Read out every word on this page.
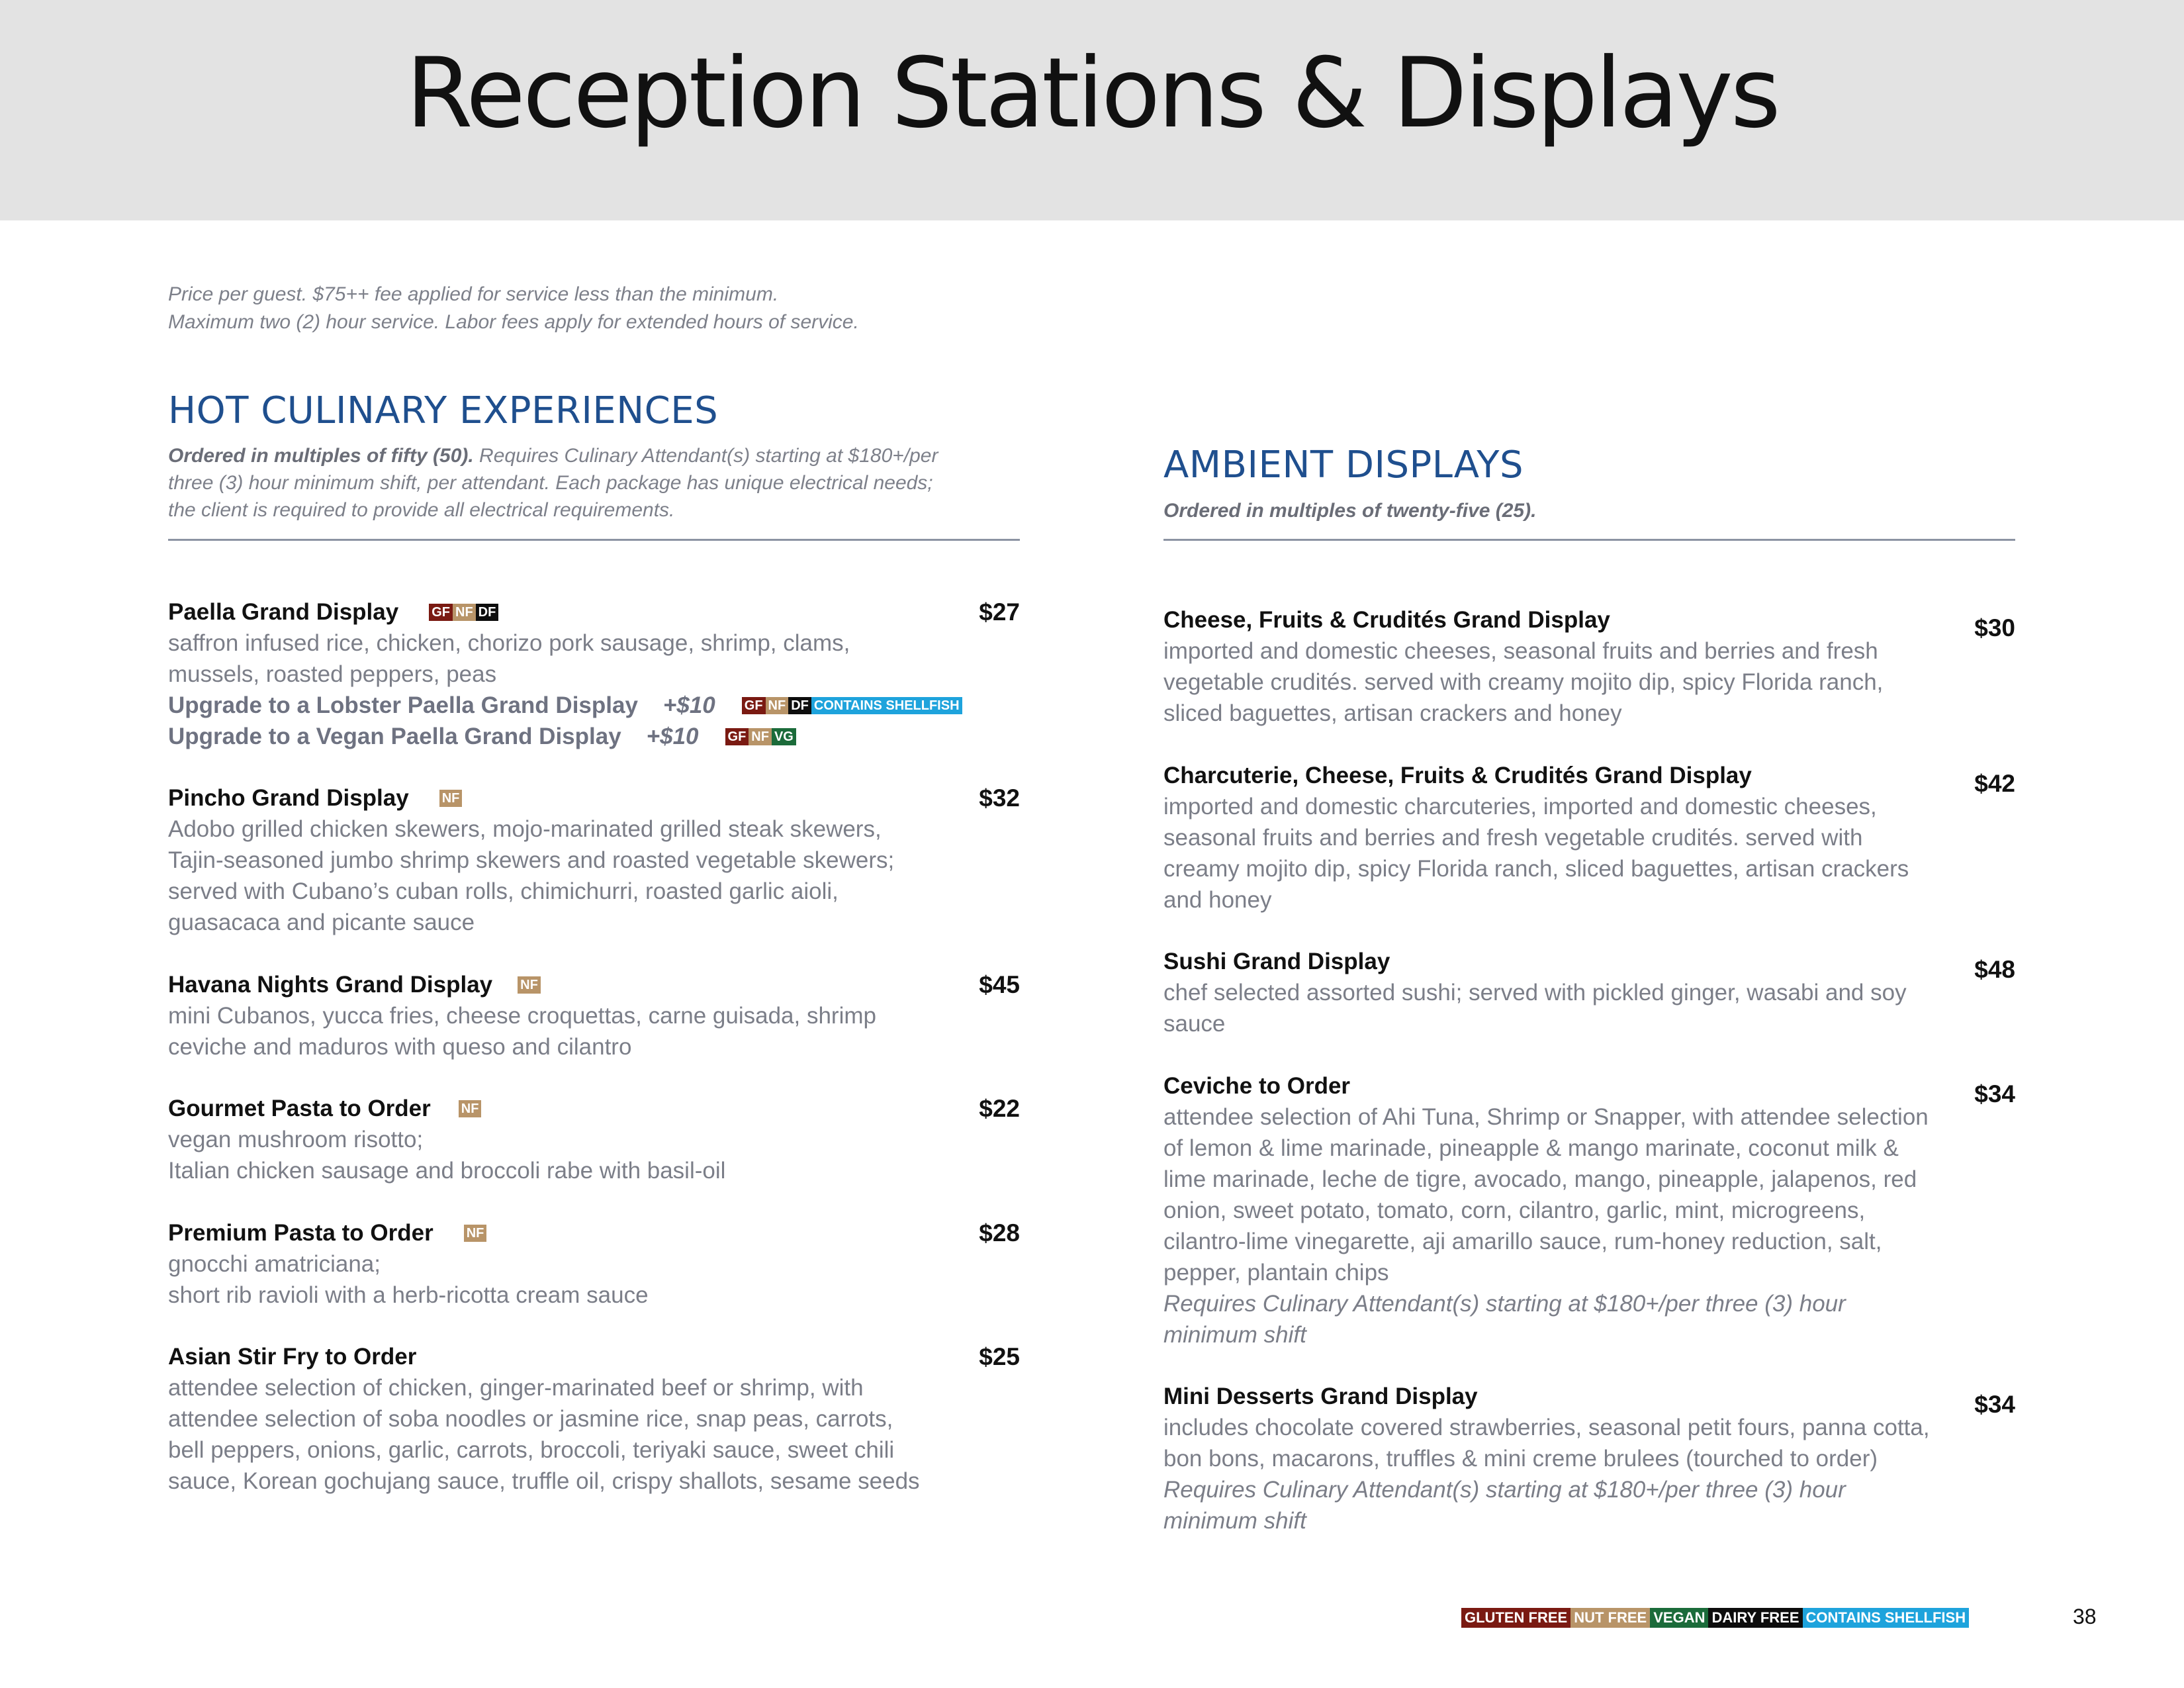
Reception Stations & Displays
Price per guest. $75++ fee applied for service less than the minimum.
Maximum two (2) hour service. Labor fees apply for extended hours of service.
HOT CULINARY EXPERIENCES
Ordered in multiples of fifty (50). Requires Culinary Attendant(s) starting at $180+/per
three (3) hour minimum shift, per attendant. Each package has unique electrical needs;
the client is required to provide all electrical requirements.
Paella Grand Display	GF NF DF	$27
saffron infused rice, chicken, chorizo pork sausage, shrimp, clams,
mussels, roasted peppers, peas
Upgrade to a Lobster Paella Grand Display +$10 GF NF DF CONTAINS SHELLFISH
Upgrade to a Vegan Paella Grand Display +$10 GF NF VG
Pincho Grand Display	NF	$32
Adobo grilled chicken skewers, mojo-marinated grilled steak skewers,
Tajin-seasoned jumbo shrimp skewers and roasted vegetable skewers;
served with Cubano’s cuban rolls, chimichurri, roasted garlic aioli,
guasacaca and picante sauce
Havana Nights Grand Display NF	$45
mini Cubanos, yucca fries, cheese croquettas, carne guisada, shrimp
ceviche and maduros with queso and cilantro
Gourmet Pasta to Order NF	$22
vegan mushroom risotto;
Italian chicken sausage and broccoli rabe with basil-oil
Premium Pasta to Order	NF	$28
gnocchi amatriciana;
short rib ravioli with a herb-ricotta cream sauce
Asian Stir Fry to Order	$25
attendee selection of chicken, ginger-marinated beef or shrimp, with
attendee selection of soba noodles or jasmine rice, snap peas, carrots,
bell peppers, onions, garlic, carrots, broccoli, teriyaki sauce, sweet chili
sauce, Korean gochujang sauce, truffle oil, crispy shallots, sesame seeds
AMBIENT DISPLAYS
Ordered in multiples of twenty-five (25).
Cheese, Fruits & Crudités Grand Display	$30
imported and domestic cheeses, seasonal fruits and berries and fresh
vegetable crudités. served with creamy mojito dip, spicy Florida ranch,
sliced baguettes, artisan crackers and honey
Charcuterie, Cheese, Fruits & Crudités Grand Display	$42
imported and domestic charcuteries, imported and domestic cheeses,
seasonal fruits and berries and fresh vegetable crudités. served with
creamy mojito dip, spicy Florida ranch, sliced baguettes, artisan crackers
and honey
Sushi Grand Display	$48
chef selected assorted sushi; served with pickled ginger, wasabi and soy
sauce
Ceviche to Order	$34
attendee selection of Ahi Tuna, Shrimp or Snapper, with attendee selection
of lemon & lime marinade, pineapple & mango marinate, coconut milk &
lime marinade, leche de tigre, avocado, mango, pineapple, jalapenos, red
onion, sweet potato, tomato, corn, cilantro, garlic, mint, microgreens,
cilantro-lime vinegarette, aji amarillo sauce, rum-honey reduction, salt,
pepper, plantain chips
Requires Culinary Attendant(s) starting at $180+/per three (3) hour
minimum shift
Mini Desserts Grand Display	$34
includes chocolate covered strawberries, seasonal petit fours, panna cotta,
bon bons, macarons, truffles & mini creme brulees (tourched to order)
Requires Culinary Attendant(s) starting at $180+/per three (3) hour
minimum shift
GLUTEN FREE NUT FREE VEGAN DAIRY FREE CONTAINS SHELLFISH	38
